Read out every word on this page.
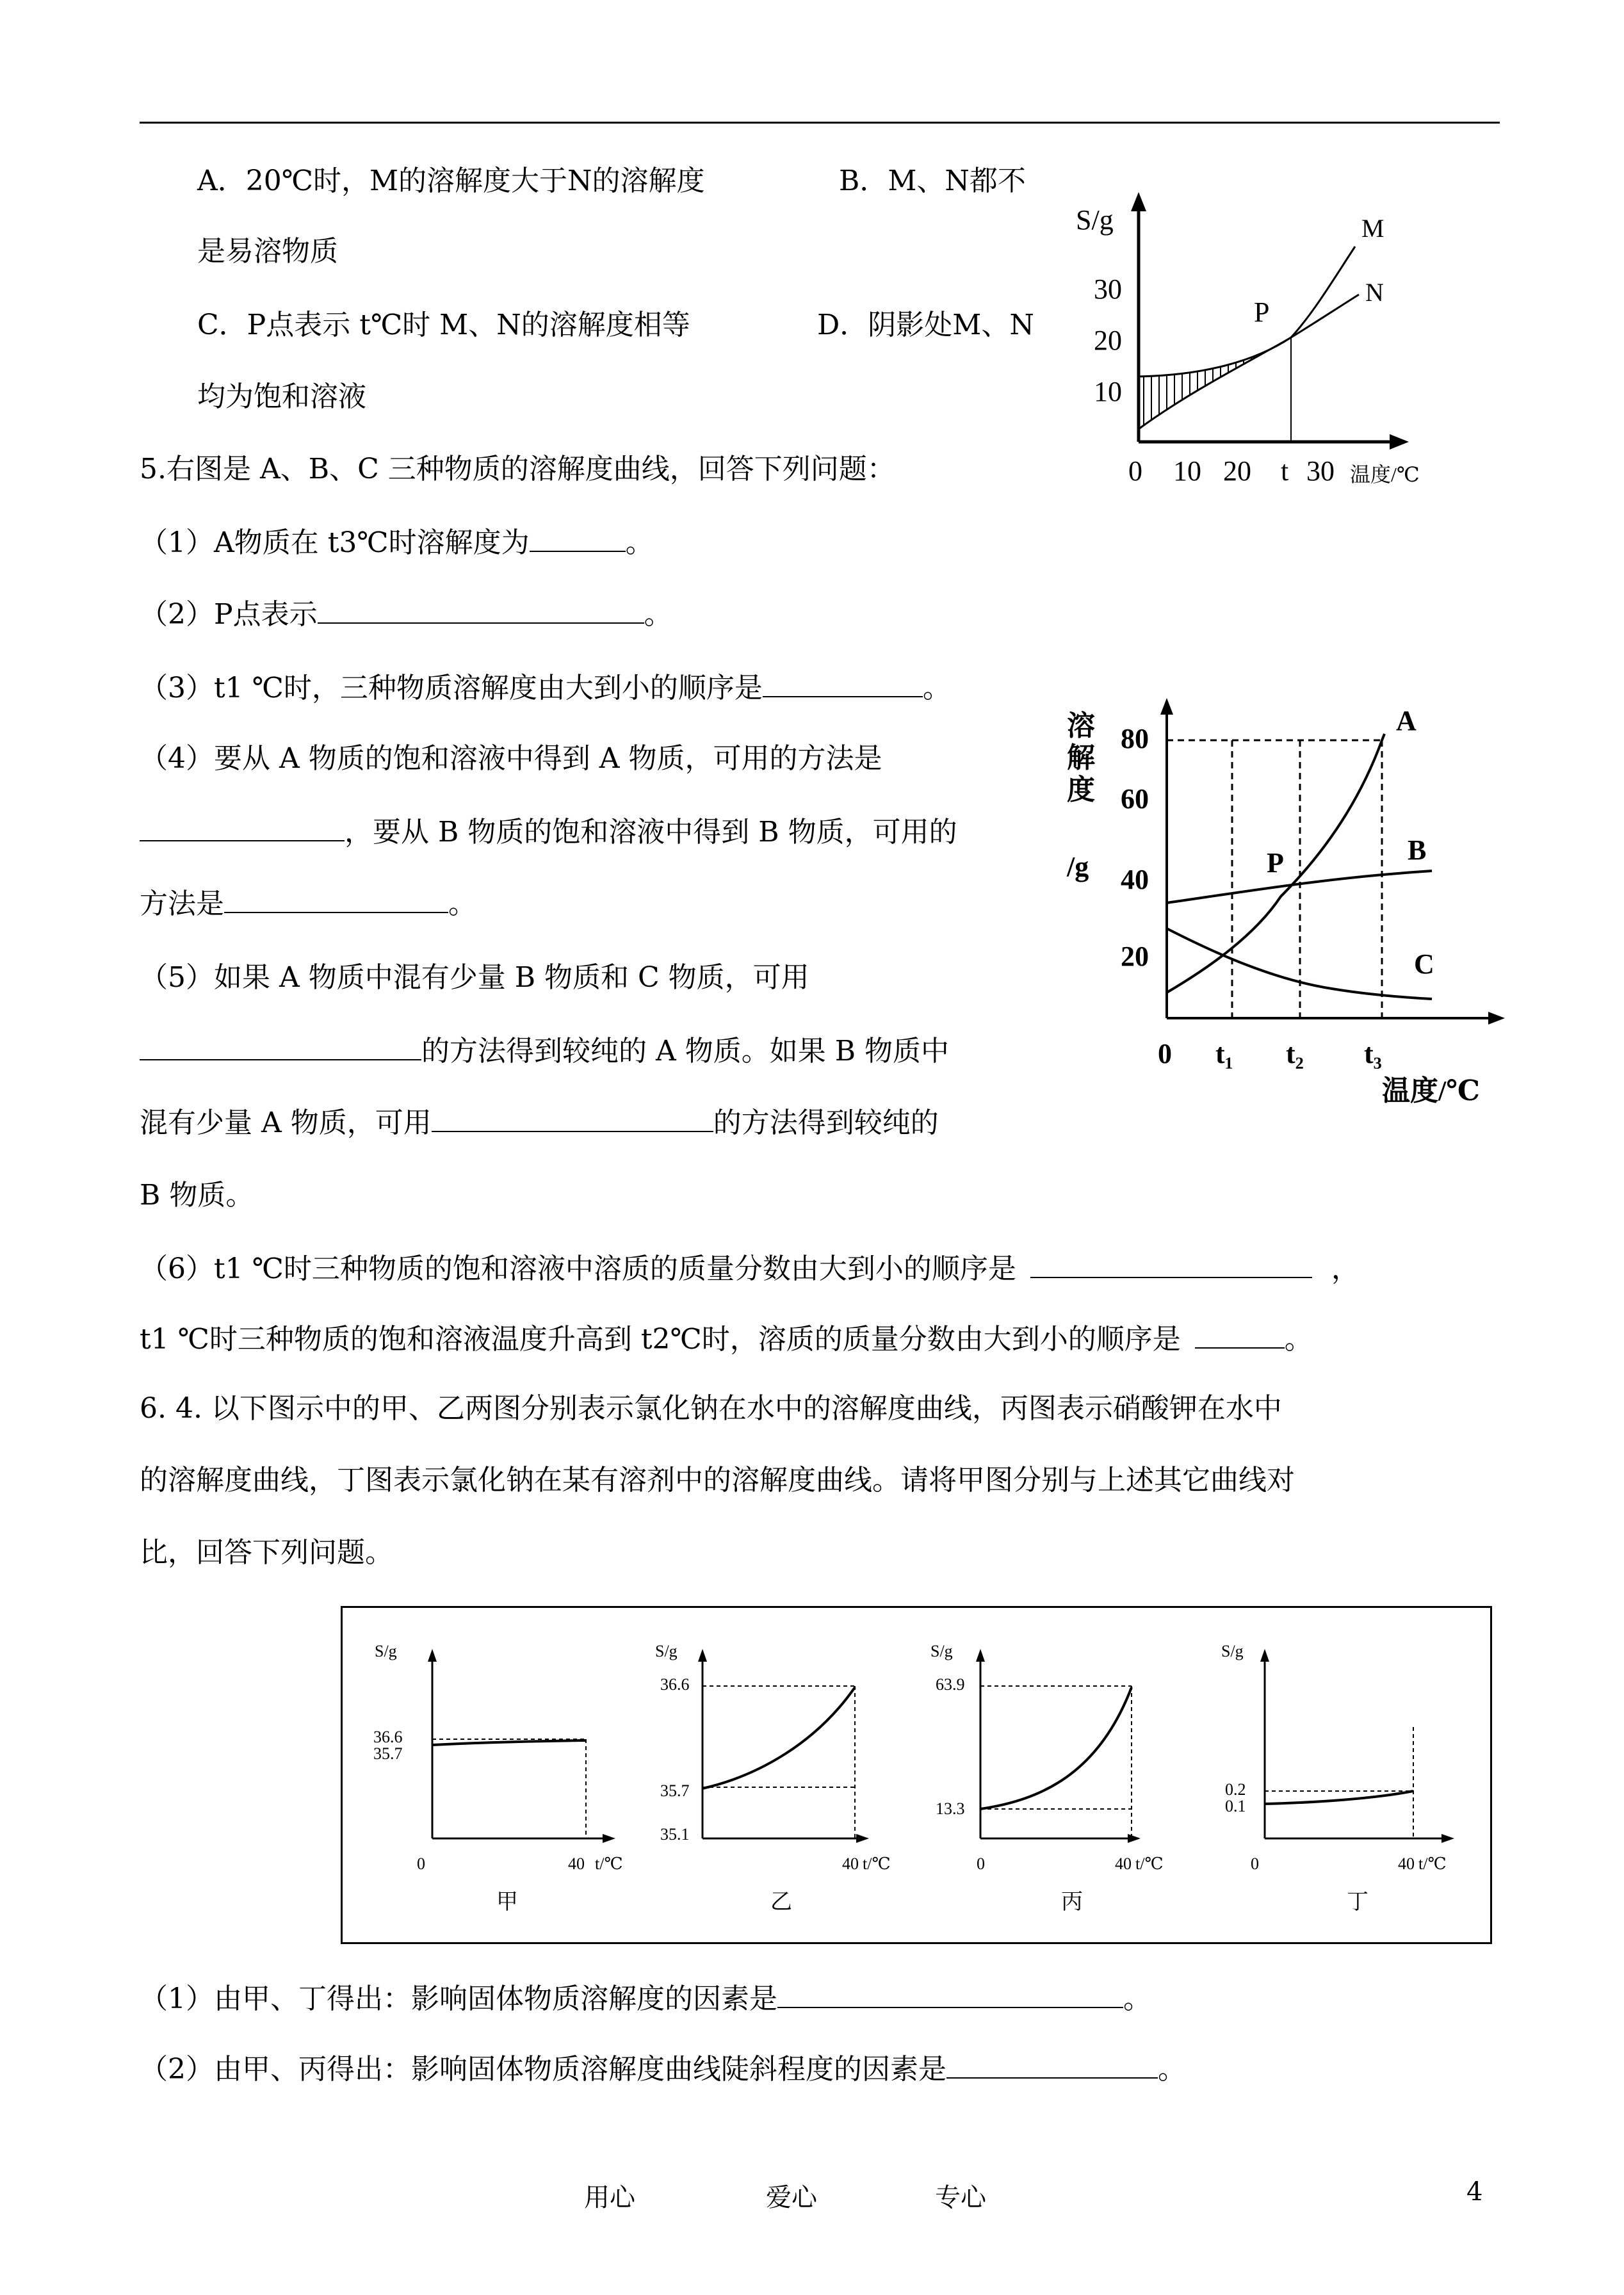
A．20℃时，M的溶解度大于N的溶解度	B．M、N都不
是易溶物质
C．P点表示 t℃时 M、N的溶解度相等	D．阴影处M、N
均为饱和溶液
S/g
30
20
10
0 10 20 t 30 温度/℃
P
M
N
5.右图是 A、B、C 三种物质的溶解度曲线，回答下列问题：
（1）A物质在 t3℃时溶解度为	。
（2）P点表示	。
（3）t1 ℃时，三种物质溶解度由大到小的顺序是	。
（4）要从 A 物质的饱和溶液中得到 A 物质，可用的方法是
，要从 B 物质的饱和溶液中得到 B 物质，可用的
方法是	。
（5）如果 A 物质中混有少量 B 物质和 C 物质，可用
的方法得到较纯的 A 物质。如果 B 物质中
混有少量 A 物质，可用	的方法得到较纯的
B 物质。
（6）t1 ℃时三种物质的饱和溶液中溶质的质量分数由大到小的顺序是	，
t1 ℃时三种物质的饱和溶液温度升高到 t2℃时，溶质的质量分数由大到小的顺序是	。
溶
解
度
/g
80
60
40
20
0 t₁ t₂ t₃
温度/℃
P
A
B
C
6. 4. 以下图示中的甲、乙两图分别表示氯化钠在水中的溶解度曲线，丙图表示硝酸钾在水中
的溶解度曲线，丁图表示氯化钠在某有溶剂中的溶解度曲线。请将甲图分别与上述其它曲线对
比，回答下列问题。
S/g
36.6
35.7
0	40 t/℃
甲
S/g
36.6
35.7
35.1
40 t/℃
乙
S/g
63.9
13.3
0	40 t/℃
丙
S/g
0.2
0.1
0	40 t/℃
丁
（1）由甲、丁得出：影响固体物质溶解度的因素是	。
（2）由甲、丙得出：影响固体物质溶解度曲线陡斜程度的因素是	。
用心	爱心	专心	4
